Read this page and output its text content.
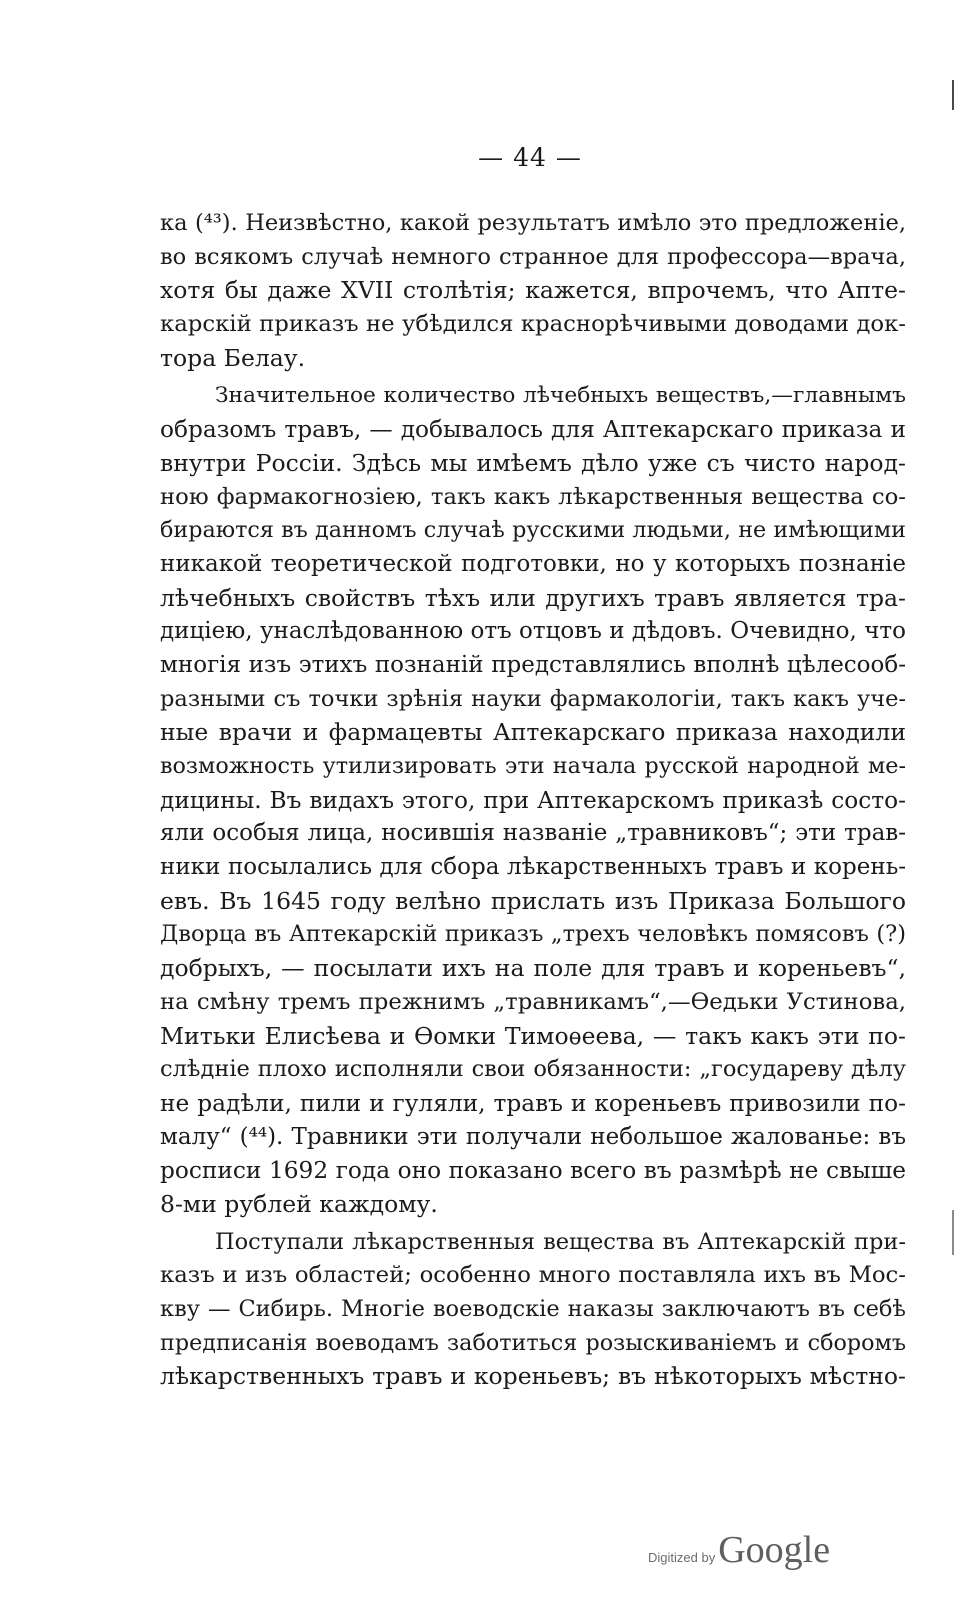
— 44 —
ка (⁴³). Неизвѣстно, какой результатъ имѣло это предложеніе,
во всякомъ случаѣ немного странное для профессора—врача,
хотя бы даже XVII столѣтія; кажется, впрочемъ, что Апте-
карскій приказъ не убѣдился краснорѣчивыми доводами док-
тора Белау.
Значительное количество лѣчебныхъ веществъ,—главнымъ
образомъ травъ, — добывалось для Аптекарскаго приказа и
внутри Россіи. Здѣсь мы имѣемъ дѣло уже съ чисто народ-
ною фармакогнозіею, такъ какъ лѣкарственныя вещества со-
бираются въ данномъ случаѣ русскими людьми, не имѣющими
никакой теоретической подготовки, но у которыхъ познаніе
лѣчебныхъ свойствъ тѣхъ или другихъ травъ является тра-
диціею, унаслѣдованною отъ отцовъ и дѣдовъ. Очевидно, что
многія изъ этихъ познаній представлялись вполнѣ цѣлесооб-
разными съ точки зрѣнія науки фармакологіи, такъ какъ уче-
ные врачи и фармацевты Аптекарскаго приказа находили
возможность утилизировать эти начала русской народной ме-
дицины. Въ видахъ этого, при Аптекарскомъ приказѣ состо-
яли особыя лица, носившія названіе „травниковъ“; эти трав-
ники посылались для сбора лѣкарственныхъ травъ и корень-
евъ. Въ 1645 году велѣно прислать изъ Приказа Большого
Дворца въ Аптекарскій приказъ „трехъ человѣкъ помясовъ (?)
добрыхъ, — посылати ихъ на поле для травъ и кореньевъ“,
на смѣну тремъ прежнимъ „травникамъ“,—Ѳедьки Устинова,
Митьки Елисѣева и Ѳомки Тимоѳеева, — такъ какъ эти по-
слѣдніе плохо исполняли свои обязанности: „государеву дѣлу
не радѣли, пили и гуляли, травъ и кореньевъ привозили по-
малу“ (⁴⁴). Травники эти получали небольшое жалованье: въ
росписи 1692 года оно показано всего въ размѣрѣ не свыше
8-ми рублей каждому.
Поступали лѣкарственныя вещества въ Аптекарскій при-
казъ и изъ областей; особенно много поставляла ихъ въ Мос-
кву — Сибирь. Многіе воеводскіе наказы заключаютъ въ себѣ
предписанія воеводамъ заботиться розыскиваніемъ и сборомъ
лѣкарственныхъ травъ и кореньевъ; въ нѣкоторыхъ мѣстно-
Digitized by Google
